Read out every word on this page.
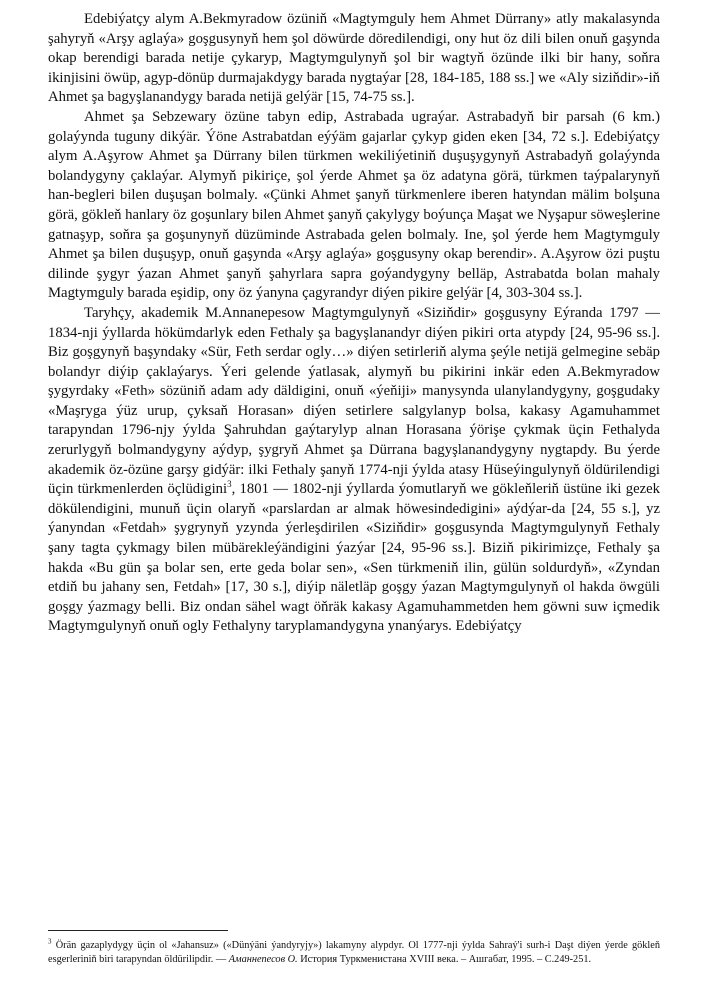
Edebiýatçy alym A.Bekmyradow özüniň «Magtymguly hem Ahmet Dürrany» atly makalasynda şahyryň «Arşy aglaýa» goşgusynyň hem şol döwürde döredilendigi, ony hut öz dili bilen onuň gaşynda okap berendigi barada netije çykaryp, Magtymgulynyň şol bir wagtyň özünde ilki bir hany, soňra ikinjisini öwüp, agyp-dönüp durmajakdygy barada nygtaýar [28, 184-185, 188 ss.] we «Aly siziňdir»-iň Ahmet şa bagyşlanandygy barada netijä gelýär [15, 74-75 ss.].

Ahmet şa Sebzewary özüne tabyn edip, Astrabada ugraýar. Astrabadyň bir parsah (6 km.) golaýynda tuguny dikýär. Ýöne Astrabatdan eýýäm gajarlar çykyp giden eken [34, 72 s.]. Edebiýatçy alym A.Aşyrow Ahmet şa Dürrany bilen türkmen wekiliýetiniň duşuşygynyň Astrabadyň golaýynda bolandygyny çaklaýar. Alymyň pikiriçe, şol ýerde Ahmet şa öz adatyna görä, türkmen taýpalarynyň han-begleri bilen duşuşan bolmaly. «Çünki Ahmet şanyň türkmenlere iberen hatyndan mälim bolşuna görä, gökleň hanlary öz goşunlary bilen Ahmet şanyň çakylygy boýunça Maşat we Nyşapur söweşlerine gatnaşyp, soňra şa goşunynyň düzüminde Astrabada gelen bolmaly. Ine, şol ýerde hem Magtymguly Ahmet şa bilen duşuşyp, onuň gaşynda «Arşy aglaýa» goşgusyny okap berendir». A.Aşyrow özi puştu dilinde şygyr ýazan Ahmet şanyň şahyrlara sapra goýandygyny belläp, Astrabatda bolan mahaly Magtymguly barada eşidip, ony öz ýanyna çagyrandyr diýen pikire gelýär [4, 303-304 ss.].

Taryhçy, akademik M.Annanepesow Magtymgulynyň «Siziňdir» goşgusyny Eýranda 1797 — 1834-nji ýyllarda hökümdarlyk eden Fethaly şa bagyşlanandyr diýen pikiri orta atypdy [24, 95-96 ss.]. Biz goşgynyň başyndaky «Sür, Feth serdar ogly…» diýen setirleriň alyma şeýle netijä gelmegine sebäp bolandyr diýip çaklaýarys. Ýeri gelende ýatlasak, alymyň bu pikirini inkär eden A.Bekmyradow şygyrdaky «Feth» sözüniň adam ady däldigini, onuň «ýeňiji» manysynda ulanylandygyny, goşgudaky «Maşryga ýüz urup, çyksaň Horasan» diýen setirlere salgylanyp bolsa, kakasy Agamuhammet tarapyndan 1796-njy ýylda Şahruhdan gaýtarylyp alnan Horasana ýörişe çykmak üçin Fethalyda zerurlygyň bolmandygyny aýdyp, şygryň Ahmet şa Dürrana bagyşlanandygyny nygtapdy. Bu ýerde akademik öz-özüne garşy gidýär: ilki Fethaly şanyň 1774-nji ýylda atasy Hüseýingulynyň öldürilendigi üçin türkmenlerden öçlüdigini$^3$, 1801 — 1802-nji ýyllarda ýomutlaryň we gökleňleriň üstüne iki gezek dökülendigini, munuň üçin olaryň «parslardan ar almak höwesindedigini» aýdýar-da [24, 55 s.], yz ýanyndan «Fetdah» şygrynyň yzynda ýerleşdirilen «Siziňdir» goşgusynda Magtymgulynyň Fethaly şany tagta çykmagy bilen mübärekleýändigini ýazýar [24, 95-96 ss.]. Biziň pikirimizçe, Fethaly şa hakda «Bu gün şa bolar sen, erte geda bolar sen», «Sen türkmeniň ilin, gülün soldurdyň», «Zyndan etdiň bu jahany sen, Fetdah» [17, 30 s.], diýip näletläp goşgy ýazan Magtymgulynyň ol hakda öwgüli goşgy ýazmagy belli. Biz ondan sähel wagt öňräk kakasy Agamuhammetden hem göwni suw içmedik Magtymgulynyň onuň ogly Fethalyny taryplamandygyna ynanýarys. Edebiýatçy

$^3$ Örän gazaplydygy üçin ol «Jahansuz» («Dünýäni ýandyryjy») lakamyny alypdyr. Ol 1777-nji ýylda Sahraý'i surh-i Daşt diýen ýerde gökleň esgerleriniň biri tarapyndan öldürilipdir. — Аманнепесов О. История Туркменистана XVIII века. – Ашгабат, 1995. – С.249-251.
